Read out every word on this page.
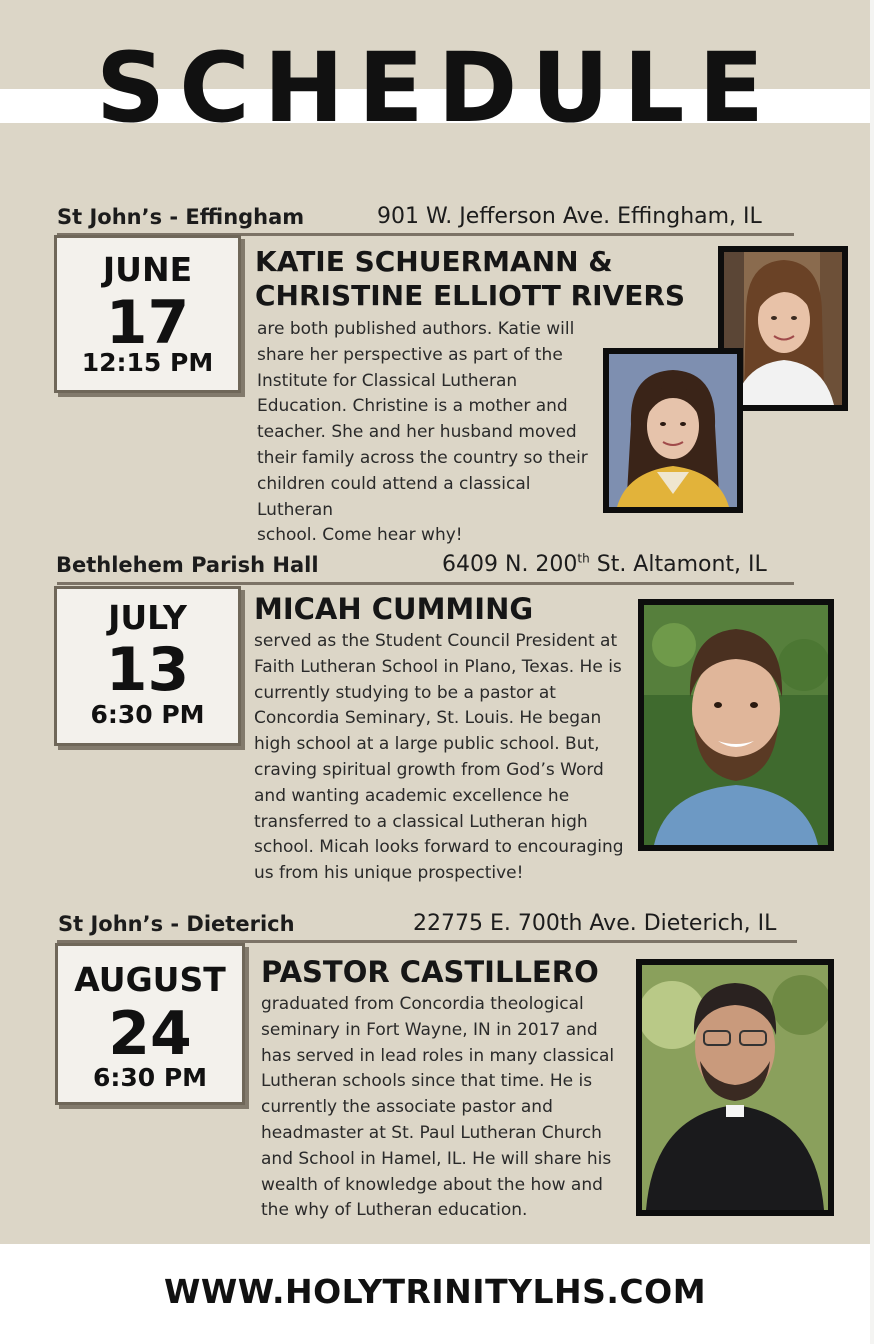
SCHEDULE
St John’s - Effingham	901 W. Jefferson Ave. Effingham, IL
JUNE
17
12:15 PM
KATIE SCHUERMANN &
CHRISTINE ELLIOTT RIVERS
are both published authors. Katie will
share her perspective as part of the
Institute for Classical Lutheran
Education. Christine is a mother and
teacher. She and her husband moved
their family across the country so their
children could attend a classical Lutheran
school. Come hear why!
Bethlehem Parish Hall	6409 N. 200th St. Altamont, IL
JULY
13
6:30 PM
MICAH CUMMING
served as the Student Council President at
Faith Lutheran School in Plano, Texas. He is
currently studying to be a pastor at
Concordia Seminary, St. Louis. He began
high school at a large public school. But,
craving spiritual growth from God’s Word
and wanting academic excellence he
transferred to a classical Lutheran high
school. Micah looks forward to encouraging
us from his unique prospective!
St John’s - Dieterich	22775 E. 700th Ave. Dieterich, IL
AUGUST
24
6:30 PM
PASTOR CASTILLERO
graduated from Concordia theological
seminary in Fort Wayne, IN in 2017 and
has served in lead roles in many classical
Lutheran schools since that time. He is
currently the associate pastor and
headmaster at St. Paul Lutheran Church
and School in Hamel, IL. He will share his
wealth of knowledge about the how and
the why of Lutheran education.
WWW.HOLYTRINITYLHS.COM
